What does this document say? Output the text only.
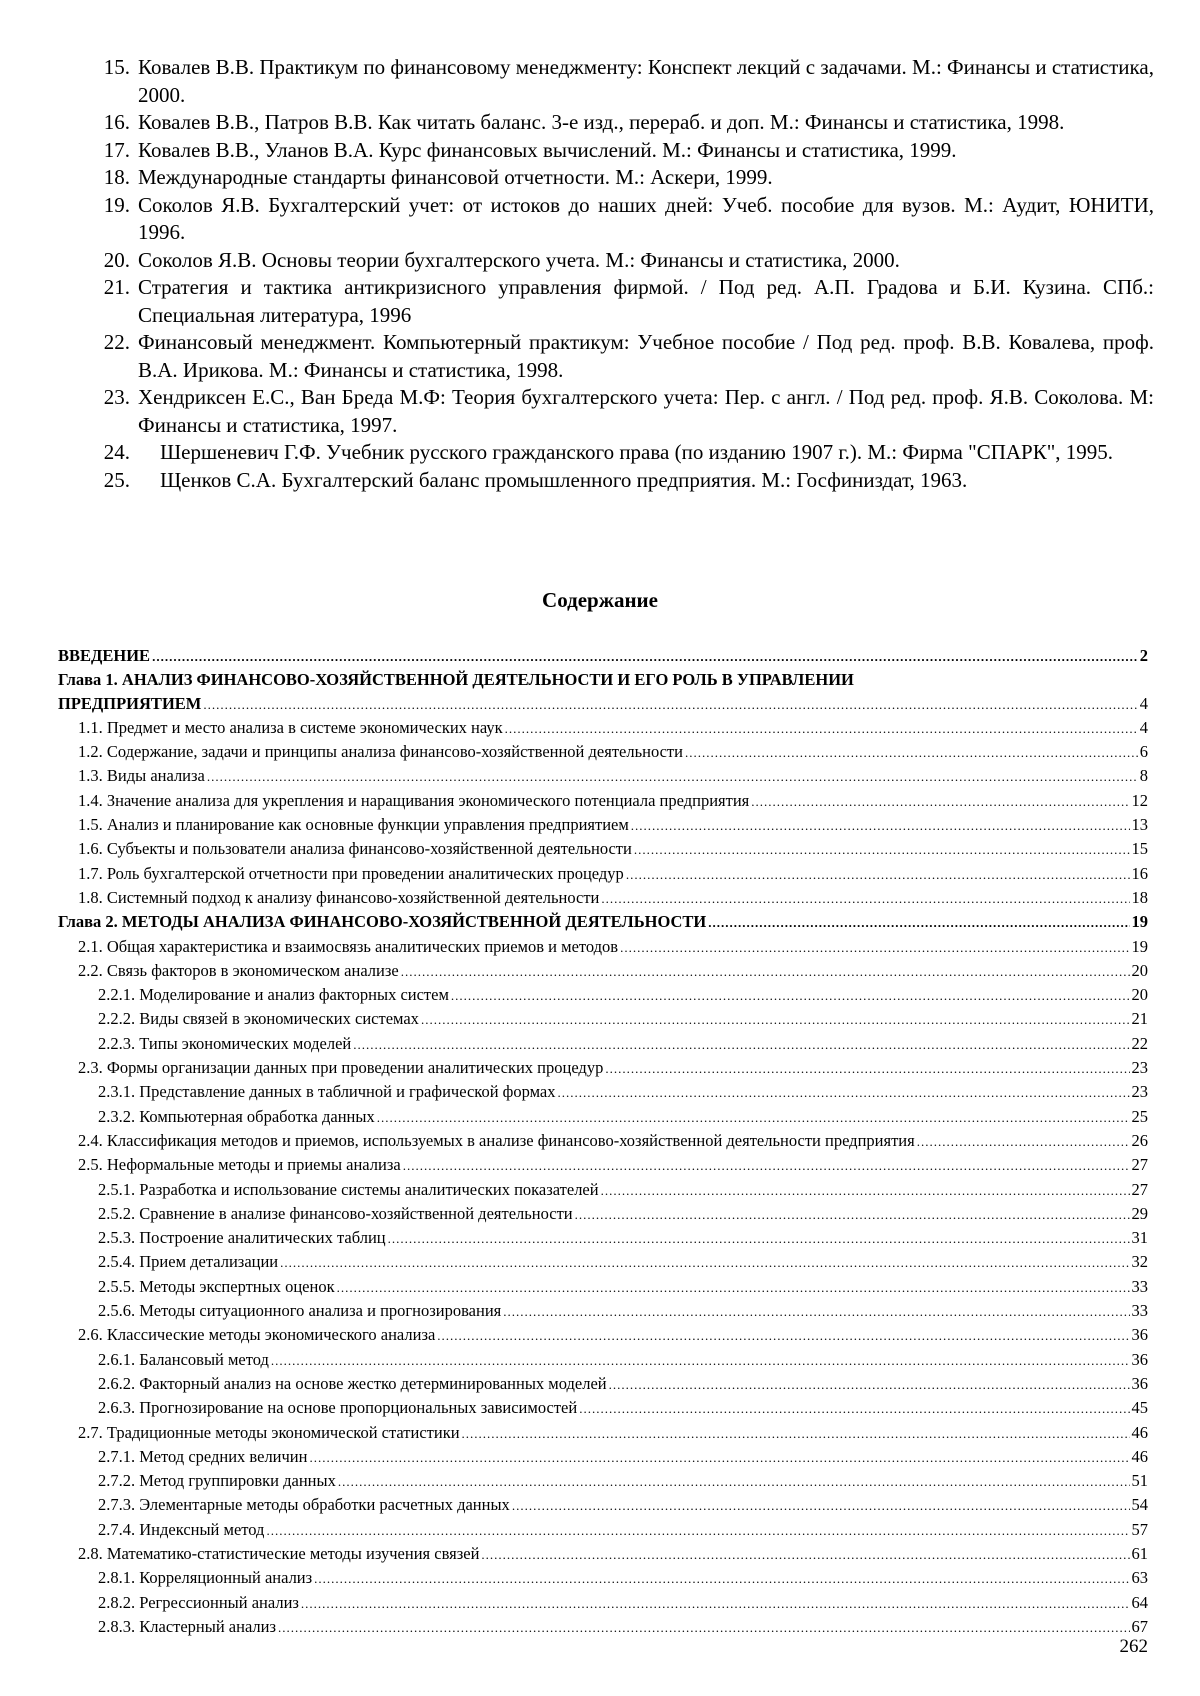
15. Ковалев В.В. Практикум по финансовому менеджменту: Конспект лекций с задачами. М.: Финансы и статистика, 2000.
16. Ковалев В.В., Патров В.В. Как читать баланс. 3-е изд., перераб. и доп. М.: Финансы и статистика, 1998.
17. Ковалев В.В., Уланов В.А. Курс финансовых вычислений. М.: Финансы и статистика, 1999.
18. Международные стандарты финансовой отчетности. М.: Аскери, 1999.
19. Соколов Я.В. Бухгалтерский учет: от истоков до наших дней: Учеб. пособие для вузов. М.: Аудит, ЮНИТИ, 1996.
20. Соколов Я.В. Основы теории бухгалтерского учета. М.: Финансы и статистика, 2000.
21. Стратегия и тактика антикризисного управления фирмой. / Под ред. А.П. Градова и Б.И. Кузина. СПб.: Специальная литература, 1996
22. Финансовый менеджмент. Компьютерный практикум: Учебное пособие / Под ред. проф. В.В. Ковалева, проф. В.А. Ирикова. М.: Финансы и статистика, 1998.
23. Хендриксен Е.С., Ван Бреда М.Ф: Теория бухгалтерского учета: Пер. с англ. / Под ред. проф. Я.В. Соколова. М: Финансы и статистика, 1997.
24.	Шершеневич Г.Ф. Учебник русского гражданского права (по изданию 1907 г.). М.: Фирма "СПАРК", 1995.
25.	Щенков С.А. Бухгалтерский баланс промышленного предприятия. М.: Госфиниздат, 1963.
Содержание
ВВЕДЕНИЕ .....	2
Глава 1. АНАЛИЗ ФИНАНСОВО-ХОЗЯЙСТВЕННОЙ ДЕЯТЕЛЬНОСТИ И ЕГО РОЛЬ В УПРАВЛЕНИИ
ПРЕДПРИЯТИЕМ .....	4
1.1. Предмет и место анализа в системе экономических наук .....	4
1.2. Содержание, задачи и принципы анализа финансово-хозяйственной деятельности .....	6
1.3. Виды анализа .....	8
1.4. Значение анализа для укрепления и наращивания экономического потенциала предприятия .....	12
1.5. Анализ и планирование как основные функции управления предприятием .....	13
1.6. Субъекты и пользователи анализа финансово-хозяйственной деятельности .....	15
1.7. Роль бухгалтерской отчетности при проведении аналитических процедур .....	16
1.8. Системный подход к анализу финансово-хозяйственной деятельности .....	18
Глава 2. МЕТОДЫ АНАЛИЗА ФИНАНСОВО-ХОЗЯЙСТВЕННОЙ ДЕЯТЕЛЬНОСТИ .....	19
2.1. Общая характеристика и взаимосвязь аналитических приемов и методов .....	19
2.2. Связь факторов в экономическом анализе .....	20
2.2.1. Моделирование и анализ факторных систем .....	20
2.2.2. Виды связей в экономических системах .....	21
2.2.3. Типы экономических моделей .....	22
2.3. Формы организации данных при проведении аналитических процедур .....	23
2.3.1. Представление данных в табличной и графической формах .....	23
2.3.2. Компьютерная обработка данных .....	25
2.4. Классификация методов и приемов, используемых в анализе финансово-хозяйственной деятельности предприятия .....	26
2.5. Неформальные методы и приемы анализа .....	27
2.5.1. Разработка и использование системы аналитических показателей .....	27
2.5.2. Сравнение в анализе финансово-хозяйственной деятельности .....	29
2.5.3. Построение аналитических таблиц .....	31
2.5.4. Прием детализации .....	32
2.5.5. Методы экспертных оценок .....	33
2.5.6. Методы ситуационного анализа и прогнозирования .....	33
2.6. Классические методы экономического анализа .....	36
2.6.1. Балансовый метод .....	36
2.6.2. Факторный анализ на основе жестко детерминированных моделей .....	36
2.6.3. Прогнозирование на основе пропорциональных зависимостей .....	45
2.7. Традиционные методы экономической статистики .....	46
2.7.1. Метод средних величин .....	46
2.7.2. Метод группировки данных .....	51
2.7.3. Элементарные методы обработки расчетных данных .....	54
2.7.4. Индексный метод .....	57
2.8. Математико-статистические методы изучения связей .....	61
2.8.1. Корреляционный анализ .....	63
2.8.2. Регрессионный анализ .....	64
2.8.3. Кластерный анализ .....	67
262
